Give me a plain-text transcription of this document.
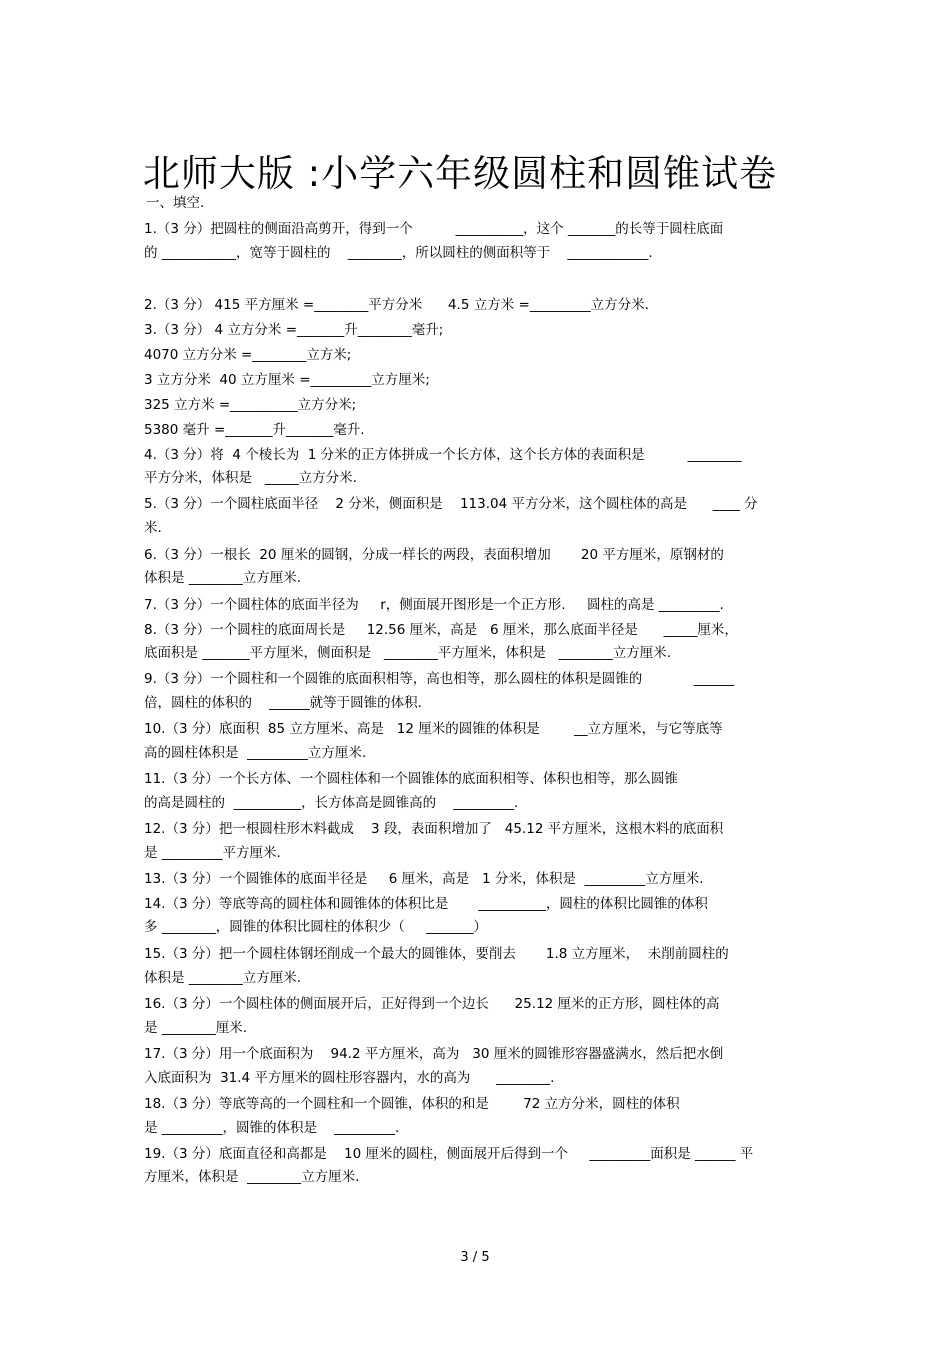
北师大版 :小学六年级圆柱和圆锥试卷
一、填空.
1.（3 分）把圆柱的侧面沿高剪开，得到一个          __________，这个 _______的长等于圆柱底面
的 ___________，宽等于圆柱的    ________，所以圆柱的侧面积等于    ____________.
2.（3 分） 415 平方厘米 =________平方分米      4.5 立方米 =_________立方分米.
3.（3 分） 4 立方分米 =_______升________毫升;
4070 立方分米 =________立方米;
3 立方分米  40 立方厘米 =_________立方厘米;
325 立方米 =__________立方分米;
5380 毫升 =_______升_______毫升.
4.（3 分）将  4 个棱长为  1 分米的正方体拼成一个长方体，这个长方体的表面积是          ________
平方分米，体积是   _____立方分米.
5.（3 分）一个圆柱底面半径    2 分米，侧面积是    113.04 平方分米，这个圆柱体的高是      ____ 分
米.
6.（3 分）一根长  20 厘米的圆钢，分成一样长的两段，表面积增加       20 平方厘米，原钢材的
体积是 ________立方厘米.
7.（3 分）一个圆柱体的底面半径为     r，侧面展开图形是一个正方形.     圆柱的高是 _________.
8.（3 分）一个圆柱的底面周长是     12.56 厘米，高是   6 厘米，那么底面半径是      _____厘米，
底面积是 _______平方厘米，侧面积是   ________平方厘米，体积是   ________立方厘米.
9.（3 分）一个圆柱和一个圆锥的底面积相等，高也相等，那么圆柱的体积是圆锥的            ______
倍，圆柱的体积的    ______就等于圆锥的体积.
10.（3 分）底面积  85 立方厘米、高是   12 厘米的圆锥的体积是        __立方厘米，与它等底等
高的圆柱体积是  _________立方厘米.
11.（3 分）一个长方体、一个圆柱体和一个圆锥体的底面积相等、体积也相等，那么圆锥
的高是圆柱的  __________，长方体高是圆锥高的    _________.
12.（3 分）把一根圆柱形木料截成    3 段，表面积增加了   45.12 平方厘米，这根木料的底面积
是 _________平方厘米.
13.（3 分）一个圆锥体的底面半径是     6 厘米，高是   1 分米，体积是  _________立方厘米.
14.（3 分）等底等高的圆柱体和圆锥体的体积比是       __________，圆柱的体积比圆锥的体积
多 ________，圆锥的体积比圆柱的体积少（     _______）
15.（3 分）把一个圆柱体钢坯削成一个最大的圆锥体，要削去       1.8 立方厘米，  未削前圆柱的
体积是 ________立方厘米.
16.（3 分）一个圆柱体的侧面展开后，正好得到一个边长      25.12 厘米的正方形，圆柱体的高
是 ________厘米.
17.（3 分）用一个底面积为    94.2 平方厘米，高为   30 厘米的圆锥形容器盛满水，然后把水倒
入底面积为  31.4 平方厘米的圆柱形容器内，水的高为      ________.
18.（3 分）等底等高的一个圆柱和一个圆锥，体积的和是        72 立方分米，圆柱的体积
是 _________，圆锥的体积是    _________.
19.（3 分）底面直径和高都是    10 厘米的圆柱，侧面展开后得到一个     _________面积是 ______ 平
方厘米，体积是  ________立方厘米.
3 / 5
